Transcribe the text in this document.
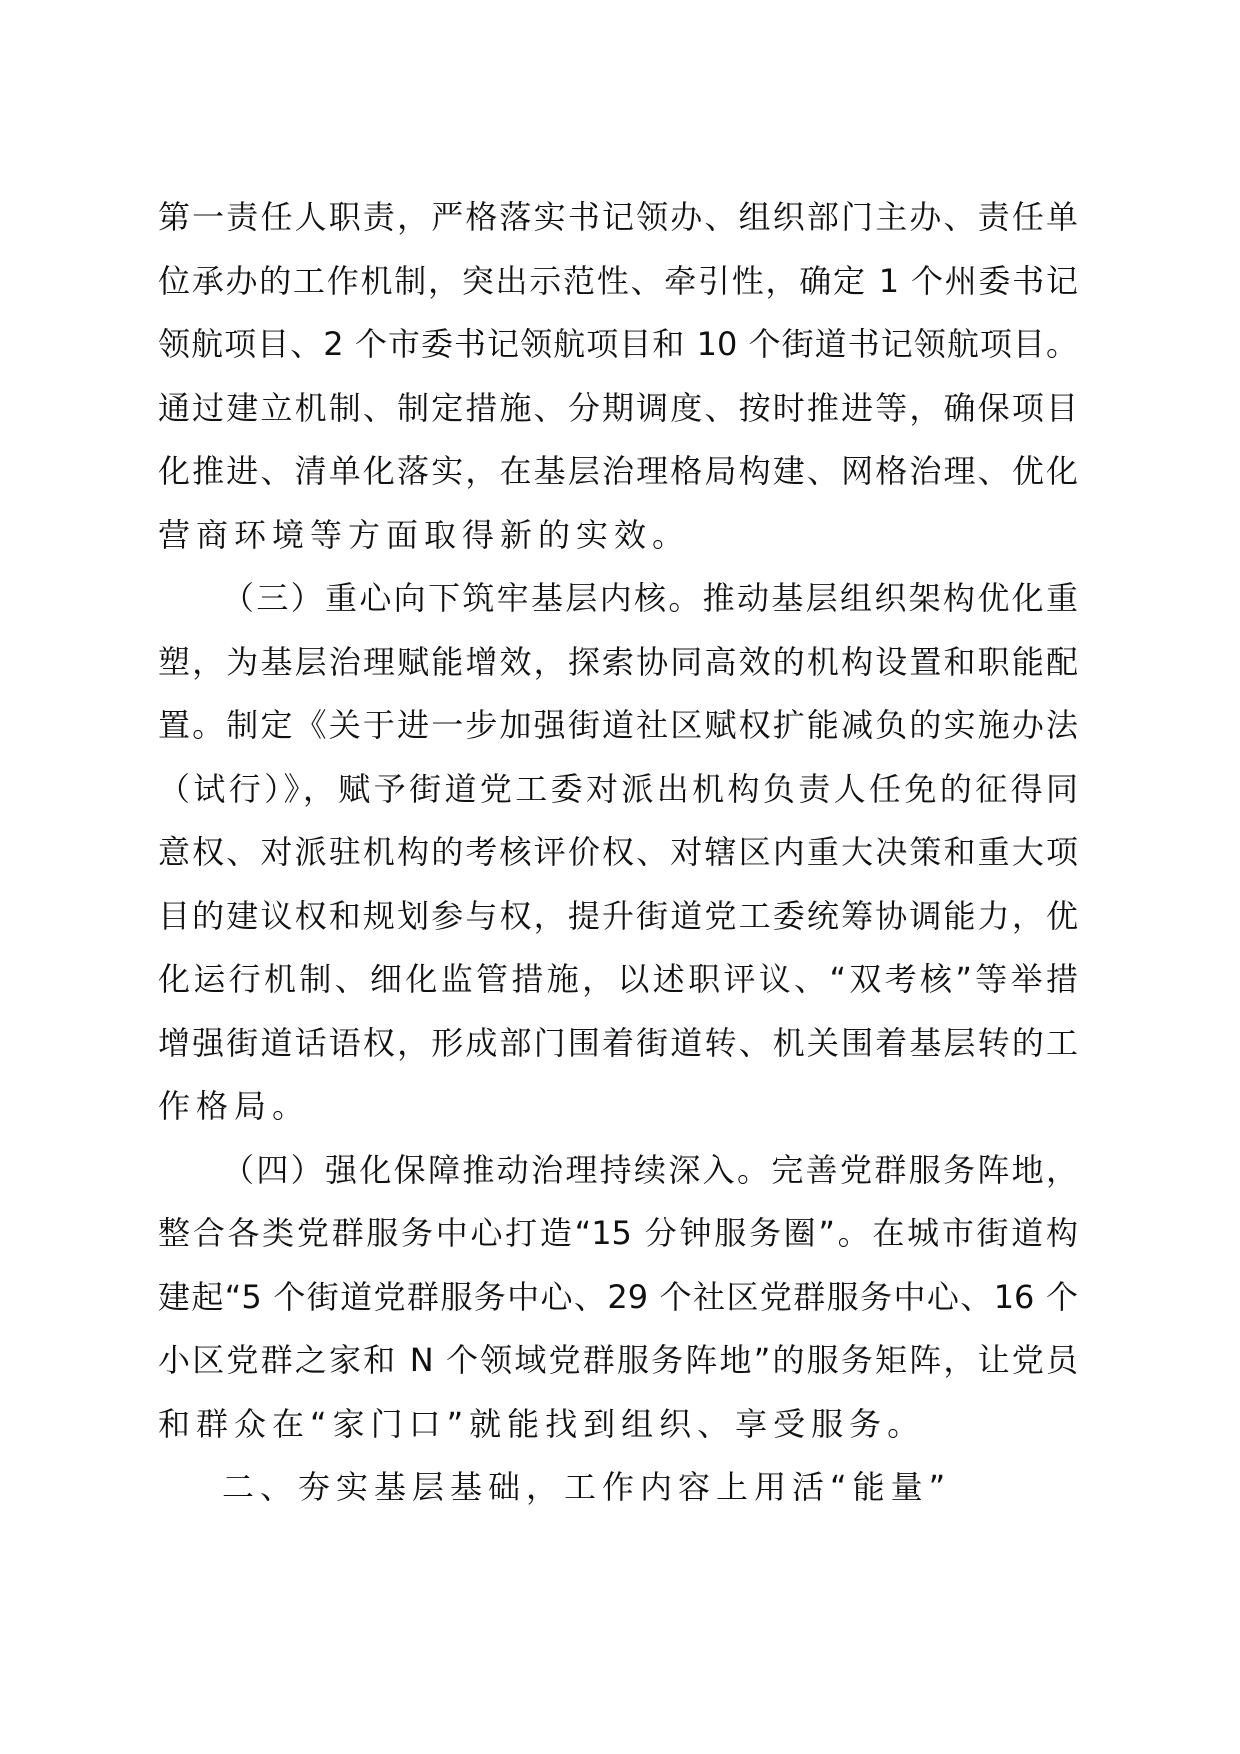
第一责任人职责，严格落实书记领办、组织部门主办、责任单
位承办的工作机制，突出示范性、牵引性，确定 1 个州委书记
领航项目、2 个市委书记领航项目和 10 个街道书记领航项目。
通过建立机制、制定措施、分期调度、按时推进等，确保项目
化推进、清单化落实，在基层治理格局构建、网格治理、优化
营商环境等方面取得新的实效。
（三）重心向下筑牢基层内核。推动基层组织架构优化重
塑，为基层治理赋能增效，探索协同高效的机构设置和职能配
置。制定《关于进一步加强街道社区赋权扩能减负的实施办法
（试行）》，赋予街道党工委对派出机构负责人任免的征得同
意权、对派驻机构的考核评价权、对辖区内重大决策和重大项
目的建议权和规划参与权，提升街道党工委统筹协调能力，优
化运行机制、细化监管措施，以述职评议、“双考核”等举措
增强街道话语权，形成部门围着街道转、机关围着基层转的工
作格局。
（四）强化保障推动治理持续深入。完善党群服务阵地，
整合各类党群服务中心打造“15 分钟服务圈”。在城市街道构
建起“5 个街道党群服务中心、29 个社区党群服务中心、16 个
小区党群之家和 N 个领域党群服务阵地”的服务矩阵，让党员
和群众在“家门口”就能找到组织、享受服务。
二、夯实基层基础，工作内容上用活“能量”
